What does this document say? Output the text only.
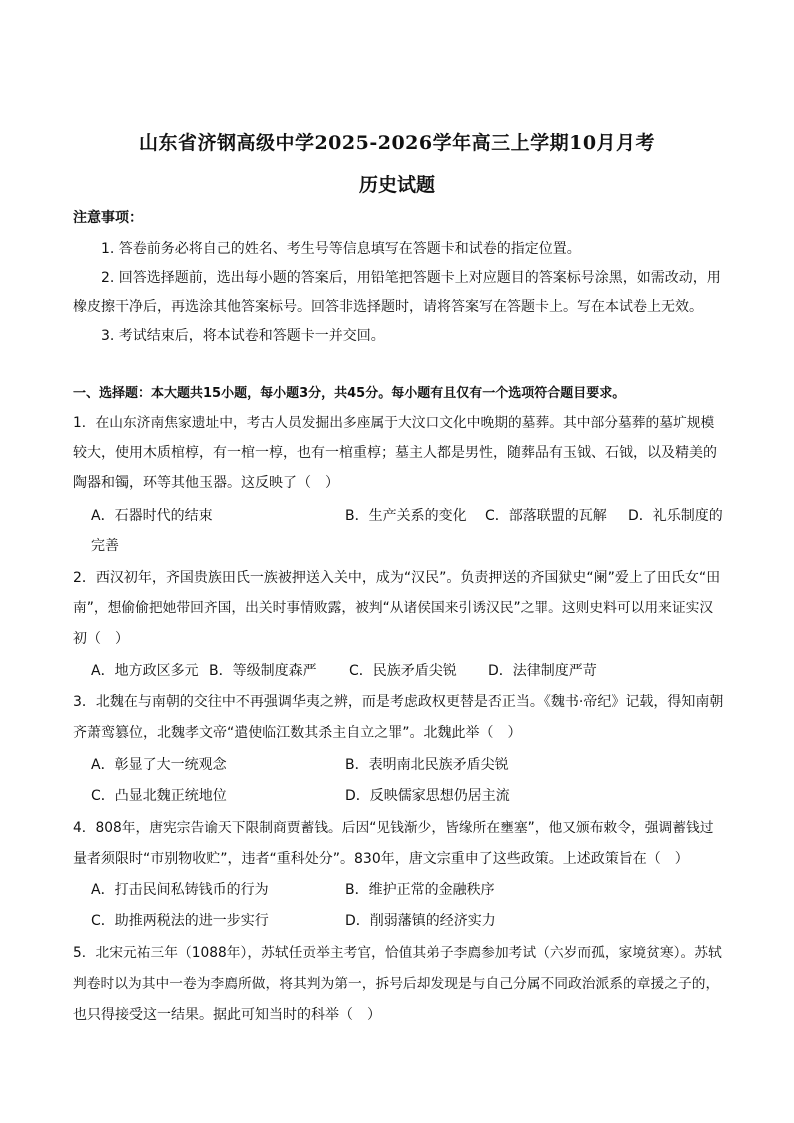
山东省济钢高级中学2025-2026学年高三上学期10月月考
历史试题
注意事项：
1. 答卷前务必将自己的姓名、考生号等信息填写在答题卡和试卷的指定位置。
2. 回答选择题前，选出每小题的答案后，用铅笔把答题卡上对应题目的答案标号涂黑，如需改动，用
橡皮擦干净后，再选涂其他答案标号。回答非选择题时，请将答案写在答题卡上。写在本试卷上无效。
3. 考试结束后，将本试卷和答题卡一并交回。
一、选择题：本大题共15小题，每小题3分，共45分。每小题有且仅有一个选项符合题目要求。
1．在山东济南焦家遗址中，考古人员发掘出多座属于大汶口文化中晚期的墓葬。其中部分墓葬的墓圹规模
较大，使用木质棺椁，有一棺一椁，也有一棺重椁；墓主人都是男性，随葬品有玉钺、石钺，以及精美的
陶器和镯，环等其他玉器。这反映了（　）
A．石器时代的结束	B．生产关系的变化 C．部落联盟的瓦解 D．礼乐制度的
完善
2．西汉初年，齐国贵族田氏一族被押送入关中，成为“汉民”。负责押送的齐国狱史“阑”爱上了田氏女“田
南”，想偷偷把她带回齐国，出关时事情败露，被判“从诸侯国来引诱汉民”之罪。这则史料可以用来证实汉
初（　）
A．地方政区多元 B．等级制度森严 C．民族矛盾尖锐 D．法律制度严苛
3．北魏在与南朝的交往中不再强调华夷之辨，而是考虑政权更替是否正当。《魏书·帝纪》记载，得知南朝
齐萧鸾篡位，北魏孝文帝“遣使临江数其杀主自立之罪”。北魏此举（　）
A．彰显了大一统观念	B．表明南北民族矛盾尖锐
C．凸显北魏正统地位	D．反映儒家思想仍居主流
4．808年，唐宪宗告谕天下限制商贾蓄钱。后因“见钱渐少，皆缘所在壅塞”，他又颁布敕令，强调蓄钱过
量者须限时“市别物收贮”，违者“重科处分”。830年，唐文宗重申了这些政策。上述政策旨在（　）
A．打击民间私铸钱币的行为	B．维护正常的金融秩序
C．助推两税法的进一步实行	D．削弱藩镇的经济实力
5．北宋元祐三年（1088年），苏轼任贡举主考官，恰值其弟子李廌参加考试（六岁而孤，家境贫寒）。苏轼
判卷时以为其中一卷为李廌所做，将其判为第一，拆号后却发现是与自己分属不同政治派系的章援之子的，
也只得接受这一结果。据此可知当时的科举（　）
